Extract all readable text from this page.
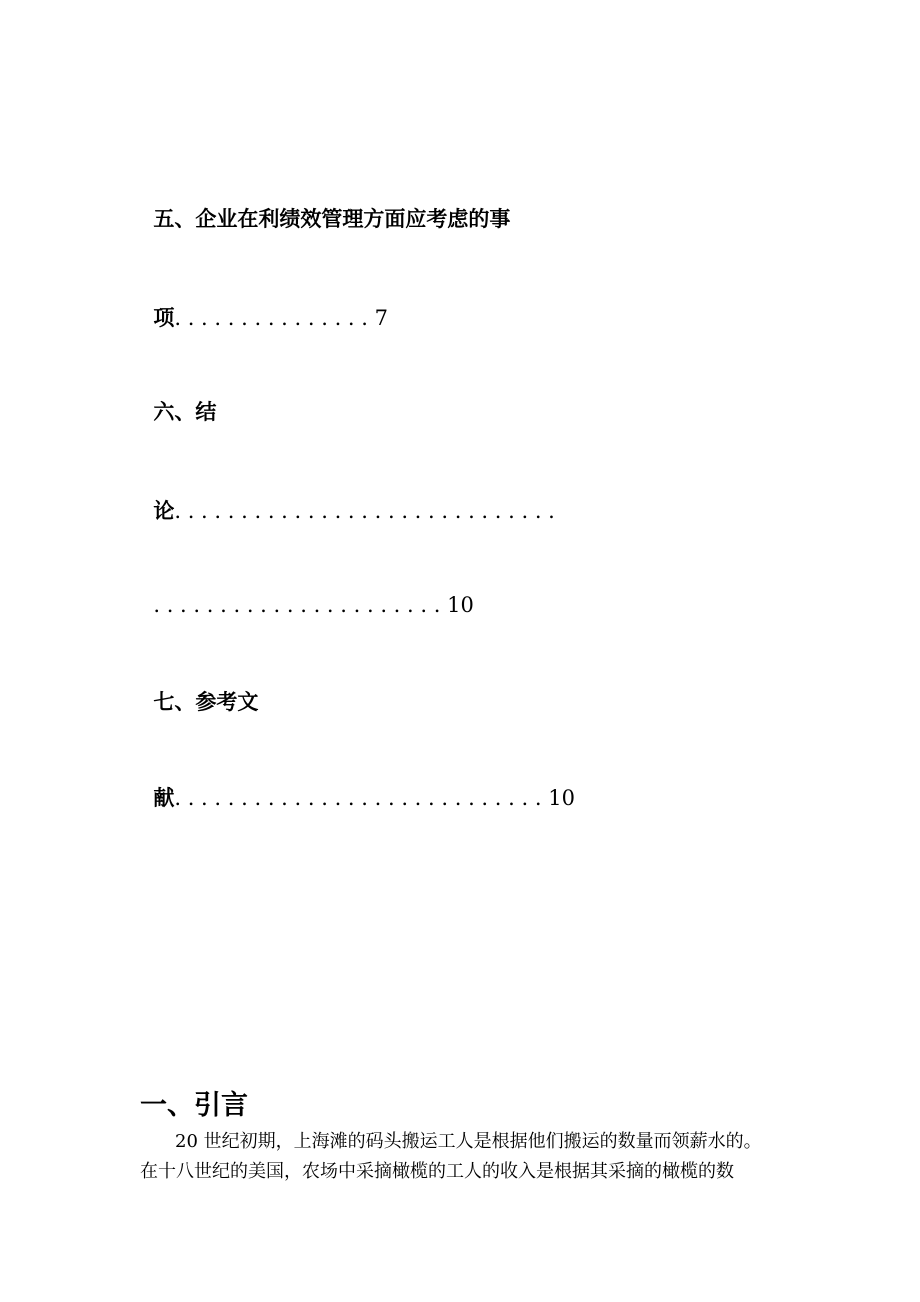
五、企业在利绩效管理方面应考虑的事

项. . . . . . . . . . . . . . . 7

六、结

论. . . . . . . . . . . . . . . . . . . . . . . . . . . . .

. . . . . . . . . . . . . . . . . . . . . . 10

七、参考文

献. . . . . . . . . . . . . . . . . . . . . . . . . . . . 10

一、引言
20 世纪初期，上海滩的码头搬运工人是根据他们搬运的数量而领薪水的。
在十八世纪的美国，农场中采摘橄榄的工人的收入是根据其采摘的橄榄的数
